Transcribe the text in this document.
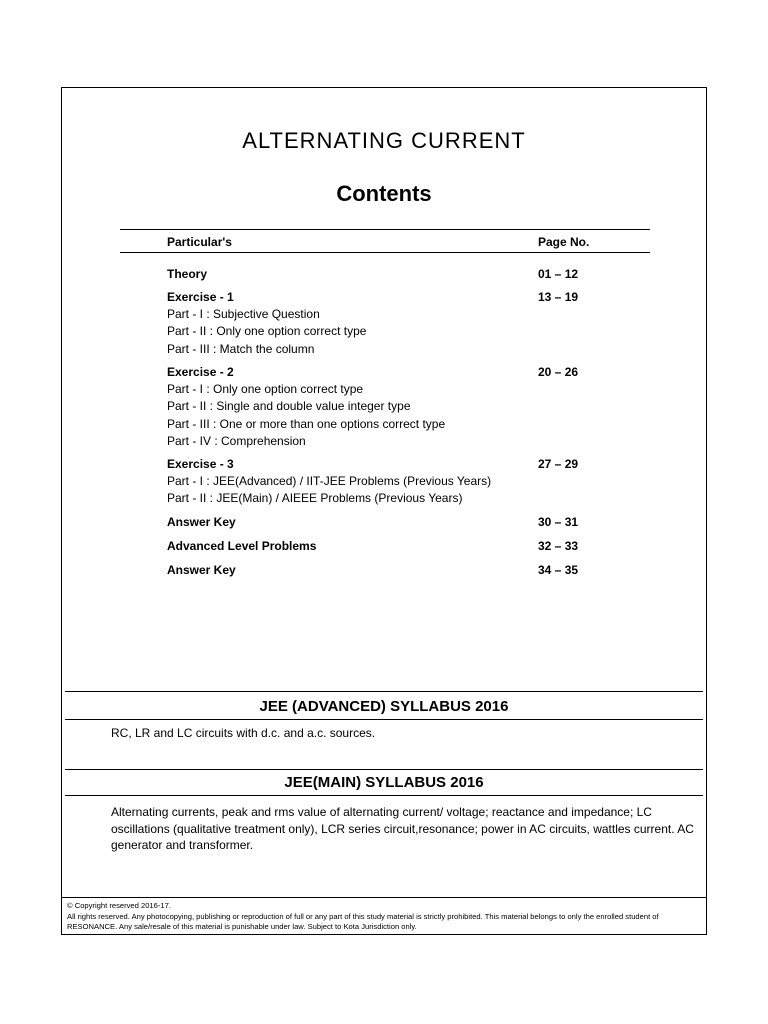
ALTERNATING CURRENT
Contents
Particular's	Page No.
Theory	01 – 12
Exercise - 1	13 – 19
Part - I : Subjective Question
Part - II : Only one option correct type
Part - III : Match the column
Exercise - 2	20 – 26
Part - I : Only one option correct type
Part - II : Single and double value integer type
Part - III : One or more than one options correct type
Part - IV : Comprehension
Exercise - 3	27 – 29
Part - I : JEE(Advanced) / IIT-JEE Problems (Previous Years)
Part - II : JEE(Main) / AIEEE Problems (Previous Years)
Answer Key	30 – 31
Advanced Level Problems	32 – 33
Answer Key	34 – 35
JEE (ADVANCED) SYLLABUS 2016
RC, LR and LC circuits with d.c. and a.c. sources.
JEE(MAIN) SYLLABUS 2016
Alternating currents, peak and rms value of alternating current/ voltage; reactance and impedance; LC oscillations (qualitative treatment only), LCR series circuit,resonance; power in AC circuits, wattles current. AC generator and transformer.
© Copyright reserved 2016-17.
All rights reserved. Any photocopying, publishing or reproduction of full or any part of this study material is strictly prohibited. This material belongs to only the enrolled student of RESONANCE. Any sale/resale of this material is punishable under law. Subject to Kota Jurisdiction only.
